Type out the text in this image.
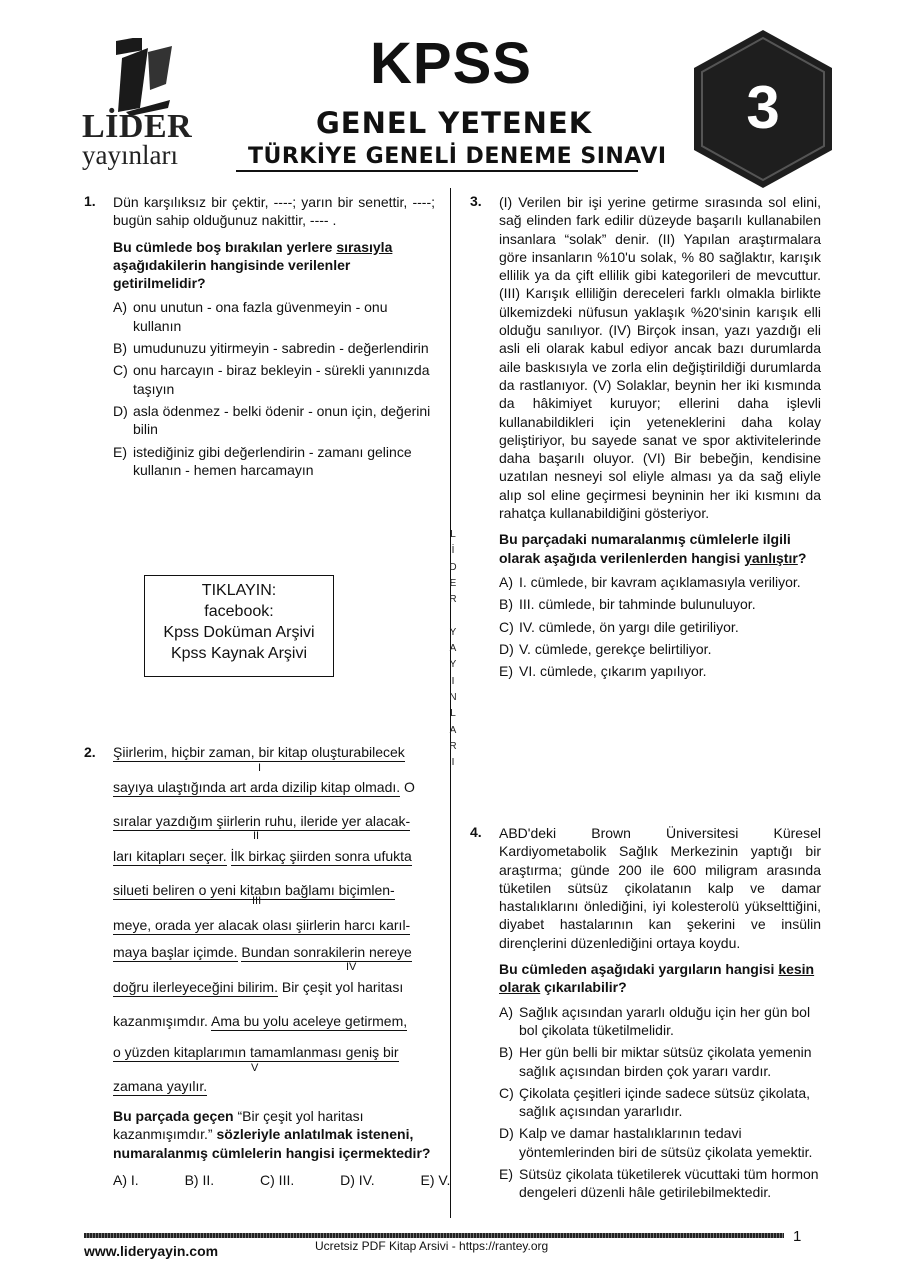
LİDER
yayınları
KPSS
GENEL YETENEK
TÜRKİYE GENELİ DENEME SINAVI
3
L
İ
D
E
R

Y
A
Y
I
N
L
A
R
I
1. Dün karşılıksız bir çektir, ----; yarın bir senettir, ----; bugün sahip olduğunuz nakittir, ---- .

Bu cümlede boş bırakılan yerlere sırasıyla aşağıdakilerin hangisinde verilenler getirilmelidir?

A) onu unutun - ona fazla güvenmeyin - onu kullanın
B) umudunuzu yitirmeyin - sabredin - değerlendirin
C) onu harcayın - biraz bekleyin - sürekli yanınızda taşıyın
D) asla ödenmez - belki ödenir - onun için, değerini bilin
E) istediğiniz gibi değerlendirin - zamanı gelince kullanın - hemen harcamayın
TIKLAYIN:
facebook:
Kpss Doküman Arşivi
Kpss Kaynak Arşivi
2. Şiirlerim, hiçbir zaman, bir kitap oluşturabilecek
sayıya ulaştığında art arda dizilip kitap olmadı. O
sıralar yazdığım şiirlerin ruhu, ileride yer alacak-
ları kitapları seçer. İlk birkaç şiirden sonra ufukta
silueti beliren o yeni kitabın bağlamı biçimlen-
meye, orada yer alacak olası şiirlerin harcı karıl-
maya başlar içimde. Bundan sonrakilerin nereye
doğru ilerleyeceğini bilirim. Bir çeşit yol haritası
kazanmışımdır. Ama bu yolu aceleye getirmem,
o yüzden kitaplarımın tamamlanması geniş bir
zamana yayılır.
I
II
III
IV
V

Bu parçada geçen “Bir çeşit yol haritası kazanmışımdır.” sözleriyle anlatılmak isteneni, numaralanmış cümlelerin hangisi içermektedir?

A) I.	B) II.	C) III.	D) IV.	E) V.
3. (I) Verilen bir işi yerine getirme sırasında sol elini, sağ elinden fark edilir düzeyde başarılı kullanabilen insanlara “solak” denir. (II) Yapılan araştırmalara göre insanların %10'u solak, % 80 sağlaktır, karışık ellilik ya da çift ellilik gibi kategorileri de mevcuttur. (III) Karışık elliliğin dereceleri farklı olmakla birlikte ülkemizdeki nüfusun yaklaşık %20'sinin karışık elli olduğu sanılıyor. (IV) Birçok insan, yazı yazdığı eli asli eli olarak kabul ediyor ancak bazı durumlarda aile baskısıyla ve zorla elin değiştirildiği durumlarda da rastlanıyor. (V) Solaklar, beynin her iki kısmında da hâkimiyet kuruyor; ellerini daha işlevli kullanabildikleri için yeteneklerini daha kolay geliştiriyor, bu sayede sanat ve spor aktivitelerinde daha başarılı oluyor. (VI) Bir bebeğin, kendisine uzatılan nesneyi sol eliyle alması ya da sağ eliyle alıp sol eline geçirmesi beyninin her iki kısmını da rahatça kullanabildiğini gösteriyor.

Bu parçadaki numaralanmış cümlelerle ilgili olarak aşağıda verilenlerden hangisi yanlıştır?

A) I. cümlede, bir kavram açıklamasıyla veriliyor.
B) III. cümlede, bir tahminde bulunuluyor.
C) IV. cümlede, ön yargı dile getiriliyor.
D) V. cümlede, gerekçe belirtiliyor.
E) VI. cümlede, çıkarım yapılıyor.
4. ABD'deki Brown Üniversitesi Küresel Kardiyometabolik Sağlık Merkezinin yaptığı bir araştırma; günde 200 ile 600 miligram arasında tüketilen sütsüz çikolatanın kalp ve damar hastalıklarını önlediğini, iyi kolesterolü yükselttiğini, diyabet hastalarının kan şekerini ve insülin dirençlerini düzenlediğini ortaya koydu.

Bu cümleden aşağıdaki yargıların hangisi kesin olarak çıkarılabilir?

A) Sağlık açısından yararlı olduğu için her gün bol bol çikolata tüketilmelidir.
B) Her gün belli bir miktar sütsüz çikolata yemenin sağlık açısından birden çok yararı vardır.
C) Çikolata çeşitleri içinde sadece sütsüz çikolata, sağlık açısından yararlıdır.
D) Kalp ve damar hastalıklarının tedavi yöntemlerinden biri de sütsüz çikolata yemektir.
E) Sütsüz çikolata tüketilerek vücuttaki tüm hormon dengeleri düzenli hâle getirilebilmektedir.
www.lideryayin.com	Ucretsiz PDF Kitap Arsivi - https://rantey.org
1
